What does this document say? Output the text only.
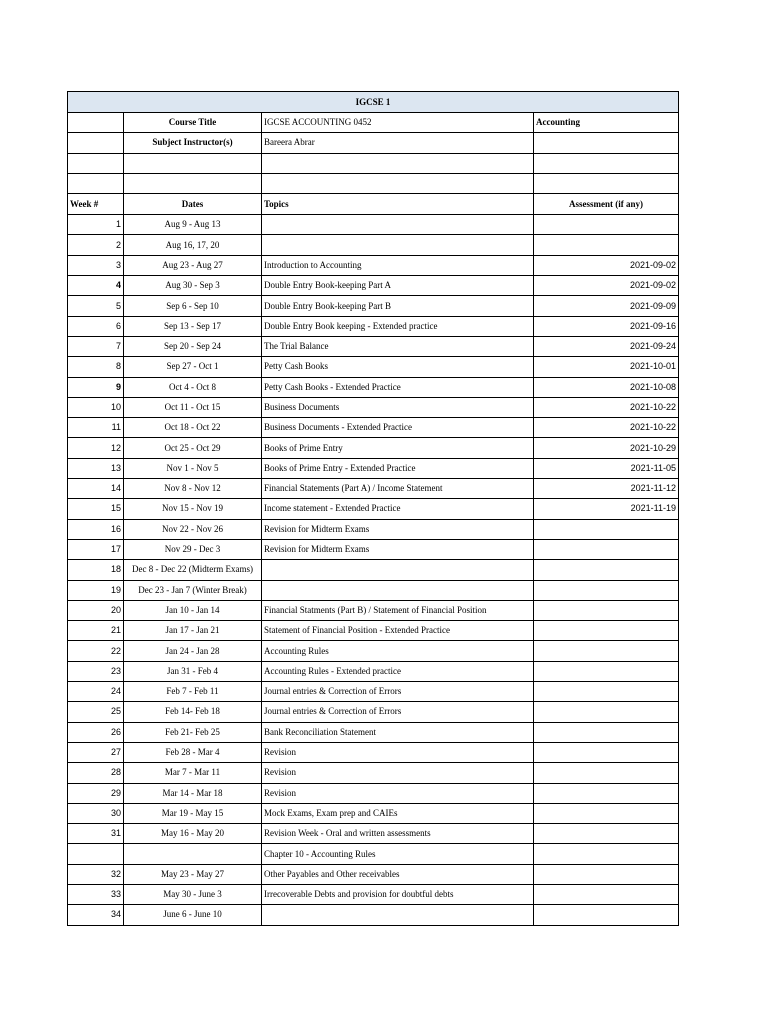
IGCSE 1			
	Course Title	IGCSE ACCOUNTING 0452	Accounting
	Subject Instructor(s)	Bareera Abrar	

Week #	Dates	Topics	Assessment (if any)
1	Aug 9 - Aug 13		
2	Aug 16, 17, 20		
3	Aug 23 - Aug 27	Introduction to Accounting	2021-09-02
4	Aug 30 - Sep 3	Double Entry Book-keeping Part A	2021-09-02
5	Sep 6 - Sep 10	Double Entry Book-keeping Part B	2021-09-09
6	Sep 13 - Sep 17	Double Entry Book keeping - Extended practice	2021-09-16
7	Sep 20 - Sep 24	The Trial Balance	2021-09-24
8	Sep 27 - Oct 1	Petty Cash Books	2021-10-01
9	Oct 4 - Oct 8	Petty Cash Books - Extended Practice	2021-10-08
10	Oct 11 - Oct 15	Business Documents	2021-10-22
11	Oct 18 - Oct 22	Business Documents - Extended Practice	2021-10-22
12	Oct 25 - Oct 29	Books of Prime Entry	2021-10-29
13	Nov 1 - Nov 5	Books of Prime Entry - Extended Practice	2021-11-05
14	Nov 8 - Nov 12	Financial Statements (Part A) / Income Statement	2021-11-12
15	Nov 15 - Nov 19	Income statement - Extended Practice	2021-11-19
16	Nov 22 - Nov 26	Revision for Midterm Exams	
17	Nov 29 - Dec 3	Revision for Midterm Exams	
18	Dec 8 - Dec 22 (Midterm Exams)		
19	Dec 23 - Jan 7 (Winter Break)		
20	Jan 10 - Jan 14	Financial Statments (Part B) / Statement of Financial Position	
21	Jan 17 - Jan 21	Statement of Financial Position - Extended Practice	
22	Jan 24 - Jan 28	Accounting Rules	
23	Jan 31 - Feb 4	Accounting Rules - Extended practice	
24	Feb 7 - Feb 11	Journal entries & Correction of Errors	
25	Feb 14- Feb 18	Journal entries & Correction of Errors	
26	Feb 21- Feb 25	Bank Reconciliation Statement	
27	Feb 28 - Mar 4	Revision	
28	Mar 7 - Mar 11	Revision	
29	Mar 14 - Mar 18	Revision	
30	Mar 19 - May 15	Mock Exams, Exam prep and CAIEs	
31	May 16 - May 20	Revision Week - Oral and written assessments	
		Chapter 10 - Accounting Rules	
32	May 23 - May 27	Other Payables and Other receivables	
33	May 30 - June 3	Irrecoverable Debts and provision for doubtful debts	
34	June 6 - June 10		
